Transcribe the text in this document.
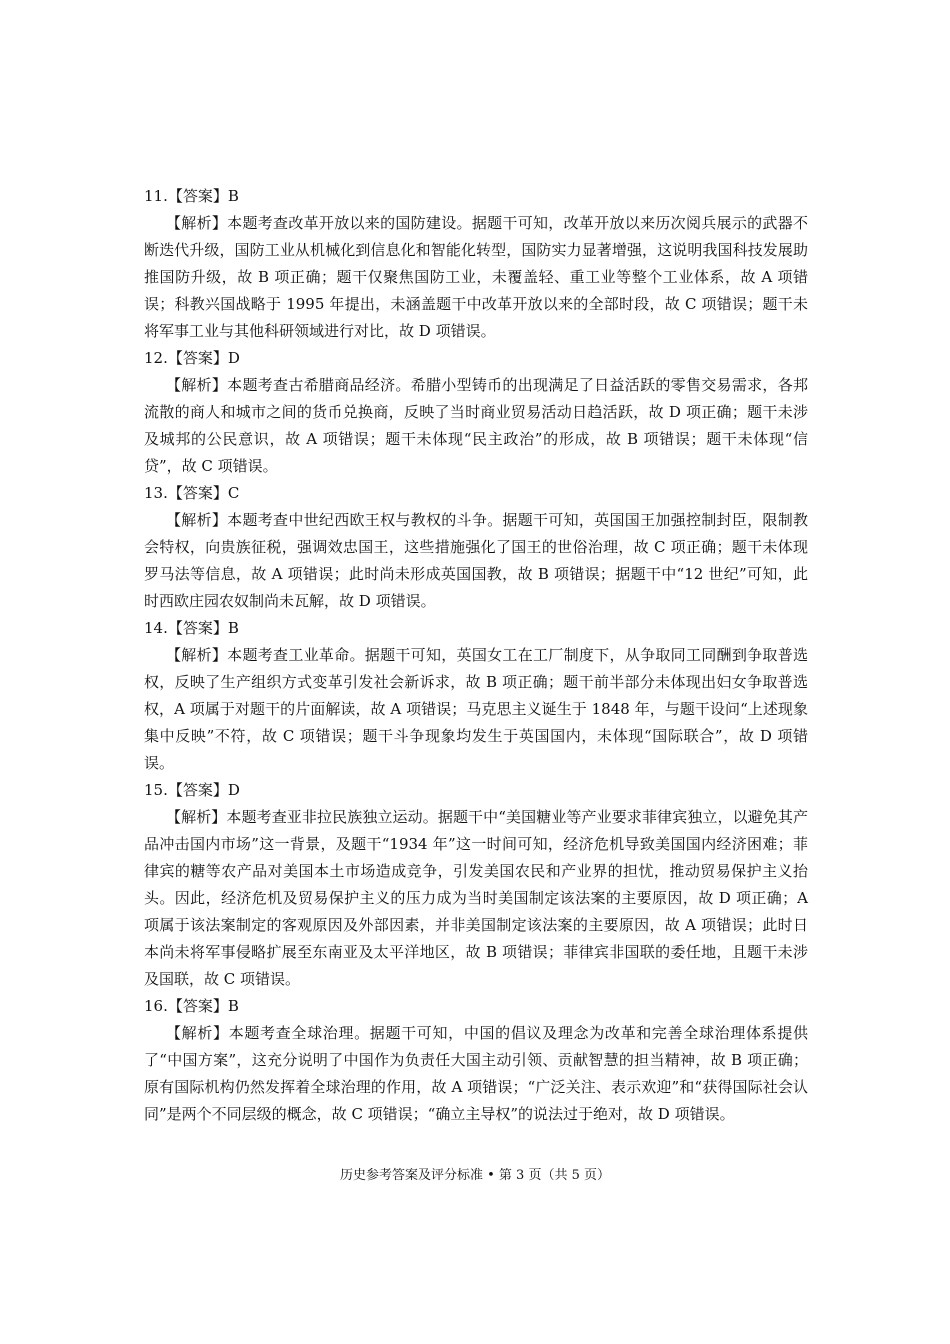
11.【答案】B

【解析】本题考查改革开放以来的国防建设。据题干可知，改革开放以来历次阅兵展示的武器不断迭代升级，国防工业从机械化到信息化和智能化转型，国防实力显著增强，这说明我国科技发展助推国防升级，故 B 项正确；题干仅聚焦国防工业，未覆盖轻、重工业等整个工业体系，故 A 项错误；科教兴国战略于 1995 年提出，未涵盖题干中改革开放以来的全部时段，故 C 项错误；题干未将军事工业与其他科研领域进行对比，故 D 项错误。

12.【答案】D

【解析】本题考查古希腊商品经济。希腊小型铸币的出现满足了日益活跃的零售交易需求，各邦流散的商人和城市之间的货币兑换商，反映了当时商业贸易活动日趋活跃，故 D 项正确；题干未涉及城邦的公民意识，故 A 项错误；题干未体现“民主政治”的形成，故 B 项错误；题干未体现“信贷”，故 C 项错误。

13.【答案】C

【解析】本题考查中世纪西欧王权与教权的斗争。据题干可知，英国国王加强控制封臣，限制教会特权，向贵族征税，强调效忠国王，这些措施强化了国王的世俗治理，故 C 项正确；题干未体现罗马法等信息，故 A 项错误；此时尚未形成英国国教，故 B 项错误；据题干中“12 世纪”可知，此时西欧庄园农奴制尚未瓦解，故 D 项错误。

14.【答案】B

【解析】本题考查工业革命。据题干可知，英国女工在工厂制度下，从争取同工同酬到争取普选权，反映了生产组织方式变革引发社会新诉求，故 B 项正确；题干前半部分未体现出妇女争取普选权，A 项属于对题干的片面解读，故 A 项错误；马克思主义诞生于 1848 年，与题干设问“上述现象集中反映”不符，故 C 项错误；题干斗争现象均发生于英国国内，未体现“国际联合”，故 D 项错误。

15.【答案】D

【解析】本题考查亚非拉民族独立运动。据题干中“美国糖业等产业要求菲律宾独立，以避免其产品冲击国内市场”这一背景，及题干“1934 年”这一时间可知，经济危机导致美国国内经济困难；菲律宾的糖等农产品对美国本土市场造成竞争，引发美国农民和产业界的担忧，推动贸易保护主义抬头。因此，经济危机及贸易保护主义的压力成为当时美国制定该法案的主要原因，故 D 项正确；A 项属于该法案制定的客观原因及外部因素，并非美国制定该法案的主要原因，故 A 项错误；此时日本尚未将军事侵略扩展至东南亚及太平洋地区，故 B 项错误；菲律宾非国联的委任地，且题干未涉及国联，故 C 项错误。

16.【答案】B

【解析】本题考查全球治理。据题干可知，中国的倡议及理念为改革和完善全球治理体系提供了“中国方案”，这充分说明了中国作为负责任大国主动引领、贡献智慧的担当精神，故 B 项正确；原有国际机构仍然发挥着全球治理的作用，故 A 项错误；“广泛关注、表示欢迎”和“获得国际社会认同”是两个不同层级的概念，故 C 项错误；“确立主导权”的说法过于绝对，故 D 项错误。

历史参考答案及评分标准 • 第 3 页（共 5 页）
